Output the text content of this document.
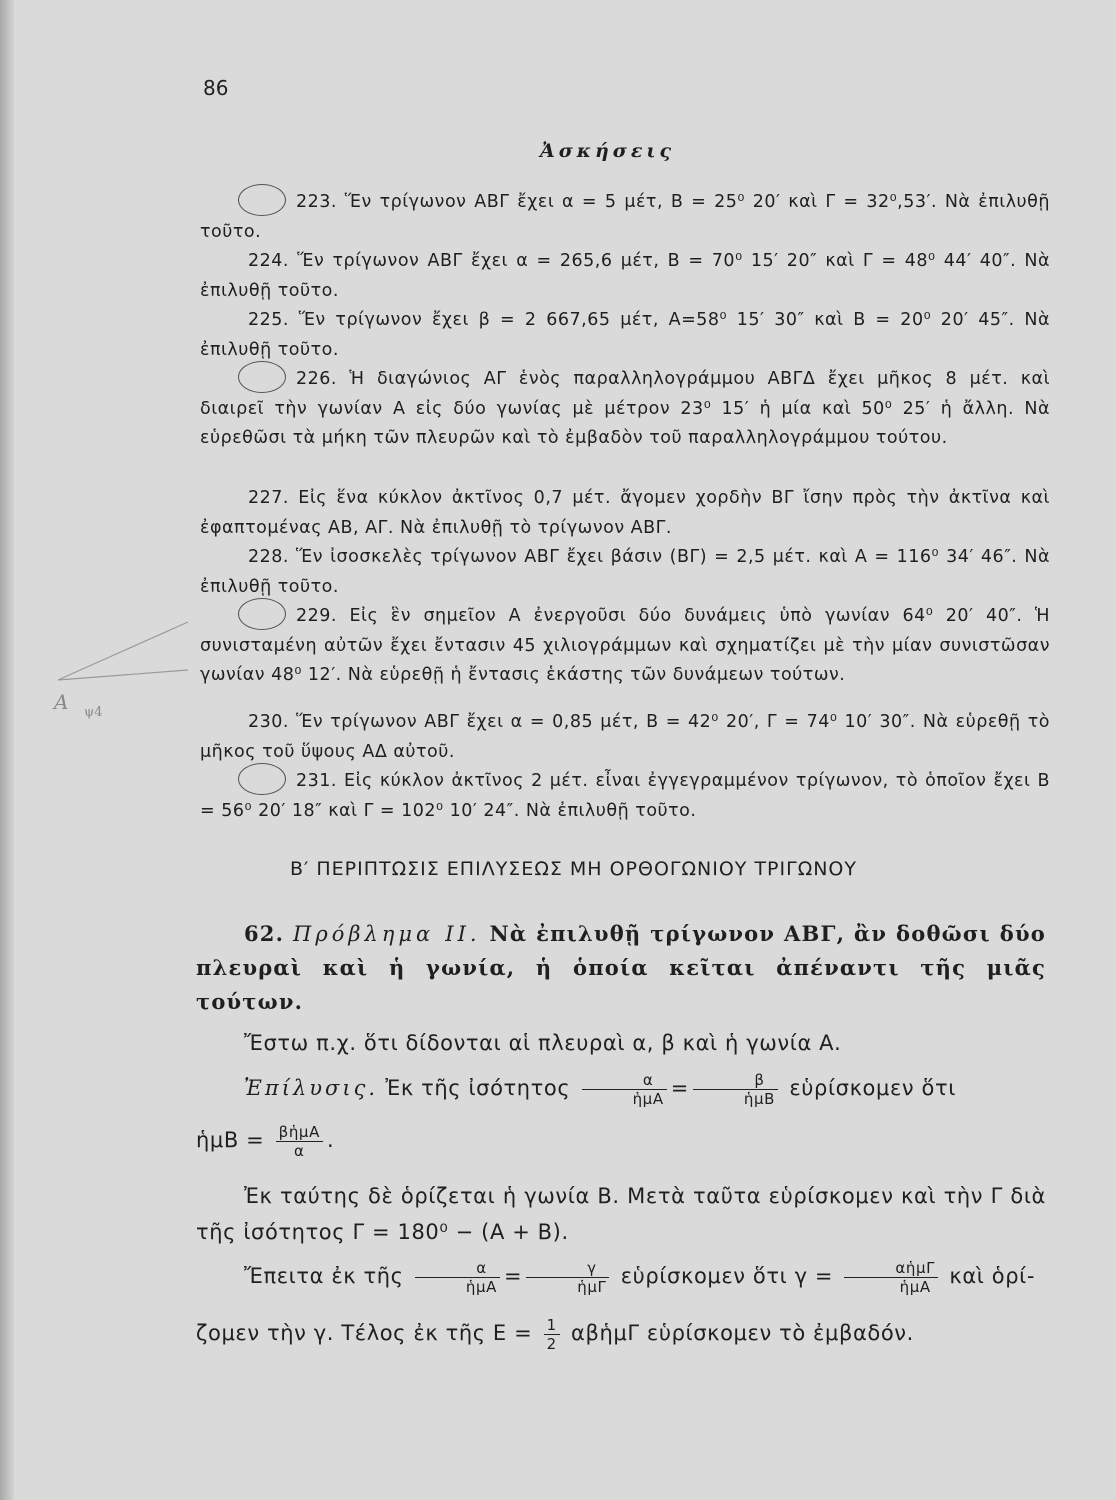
86
Ἀσκήσεις

223. Ἕν τρίγωνον ΑΒΓ ἔχει α = 5 μέτ, Β = 25⁰ 20′ καὶ Γ = 32⁰,53′. Νὰ ἐπιλυθῇ τοῦτο.

224. Ἕν τρίγωνον ΑΒΓ ἔχει α = 265,6 μέτ, Β = 70⁰ 15′ 20″ καὶ Γ = 48⁰ 44′ 40″. Νὰ ἐπιλυθῇ τοῦτο.

225. Ἕν τρίγωνον ἔχει β = 2 667,65 μέτ, Α=58⁰ 15′ 30″ καὶ Β = 20⁰ 20′ 45″. Νὰ ἐπιλυθῇ τοῦτο.

226. Ἡ διαγώνιος ΑΓ ἑνὸς παραλληλογράμμου ΑΒΓΔ ἔχει μῆκος 8 μέτ. καὶ διαιρεῖ τὴν γωνίαν Α εἰς δύο γωνίας μὲ μέτρον 23⁰ 15′ ἡ μία καὶ 50⁰ 25′ ἡ ἄλλη. Νὰ εὑρεθῶσι τὰ μήκη τῶν πλευρῶν καὶ τὸ ἐμβαδὸν τοῦ παραλληλογράμμου τούτου.

227. Εἰς ἕνα κύκλον ἀκτῖνος 0,7 μέτ. ἄγομεν χορδὴν ΒΓ ἴσην πρὸς τὴν ἀκτῖνα καὶ ἐφαπτομένας ΑΒ, ΑΓ. Νὰ ἐπιλυθῇ τὸ τρίγωνον ΑΒΓ.

228. Ἕν ἰσοσκελὲς τρίγωνον ΑΒΓ ἔχει βάσιν (ΒΓ) = 2,5 μέτ. καὶ Α = 116⁰ 34′ 46″. Νὰ ἐπιλυθῇ τοῦτο.

229. Εἰς ἓν σημεῖον Α ἐνεργοῦσι δύο δυνάμεις ὑπὸ γωνίαν 64⁰ 20′ 40″. Ἡ συνισταμένη αὐτῶν ἔχει ἔντασιν 45 χιλιογράμμων καὶ σχηματίζει μὲ τὴν μίαν συνιστῶσαν γωνίαν 48⁰ 12′. Νὰ εὑρεθῇ ἡ ἔντασις ἑκάστης τῶν δυνάμεων τούτων.

230. Ἕν τρίγωνον ΑΒΓ ἔχει α = 0,85 μέτ, Β = 42⁰ 20′, Γ = 74⁰ 10′ 30″. Νὰ εὑρεθῇ τὸ μῆκος τοῦ ὕψους ΑΔ αὐτοῦ.

231. Εἰς κύκλον ἀκτῖνος 2 μέτ. εἶναι ἐγγεγραμμένον τρίγωνον, τὸ ὁποῖον ἔχει Β = 56⁰ 20′ 18″ καὶ Γ = 102⁰ 10′ 24″. Νὰ ἐπιλυθῇ τοῦτο.

Α ψ4
Β′ ΠΕΡΙΠΤΩΣΙΣ ΕΠΙΛΥΣΕΩΣ ΜΗ ΟΡΘΟΓΩΝΙΟΥ ΤΡΙΓΩΝΟΥ

62. Πρόβλημα ΙΙ. Νὰ ἐπιλυθῇ τρίγωνον ΑΒΓ, ἂν δοθῶσι δύο πλευραὶ καὶ ἡ γωνία, ἡ ὁποία κεῖται ἀπέναντι τῆς μιᾶς τούτων.

Ἔστω π.χ. ὅτι δίδονται αἱ πλευραὶ α, β καὶ ἡ γωνία Α.

Ἐπίλυσις. Ἐκ τῆς ἰσότητος $\frac{\alpha}{\text{ἡμΑ}} = \frac{\beta}{\text{ἡμΒ}}$ εὑρίσκομεν ὅτι

ἡμΒ = $\frac{\text{βἡμΑ}}{\alpha}$ .

Ἐκ ταύτης δὲ ὁρίζεται ἡ γωνία Β. Μετὰ ταῦτα εὑρίσκομεν καὶ τὴν Γ διὰ τῆς ἰσότητος Γ = 180⁰ − (Α + Β).

Ἔπειτα ἐκ τῆς $\frac{\alpha}{\text{ἡμΑ}} = \frac{\gamma}{\text{ἡμΓ}}$ εὑρίσκομεν ὅτι $\gamma = \frac{\text{αἡμΓ}}{\text{ἡμΑ}}$ καὶ ὁρί-

ζομεν τὴν γ. Τέλος ἐκ τῆς $E = \frac{1}{2}$ αβἡμΓ εὑρίσκομεν τὸ ἐμβαδόν.
